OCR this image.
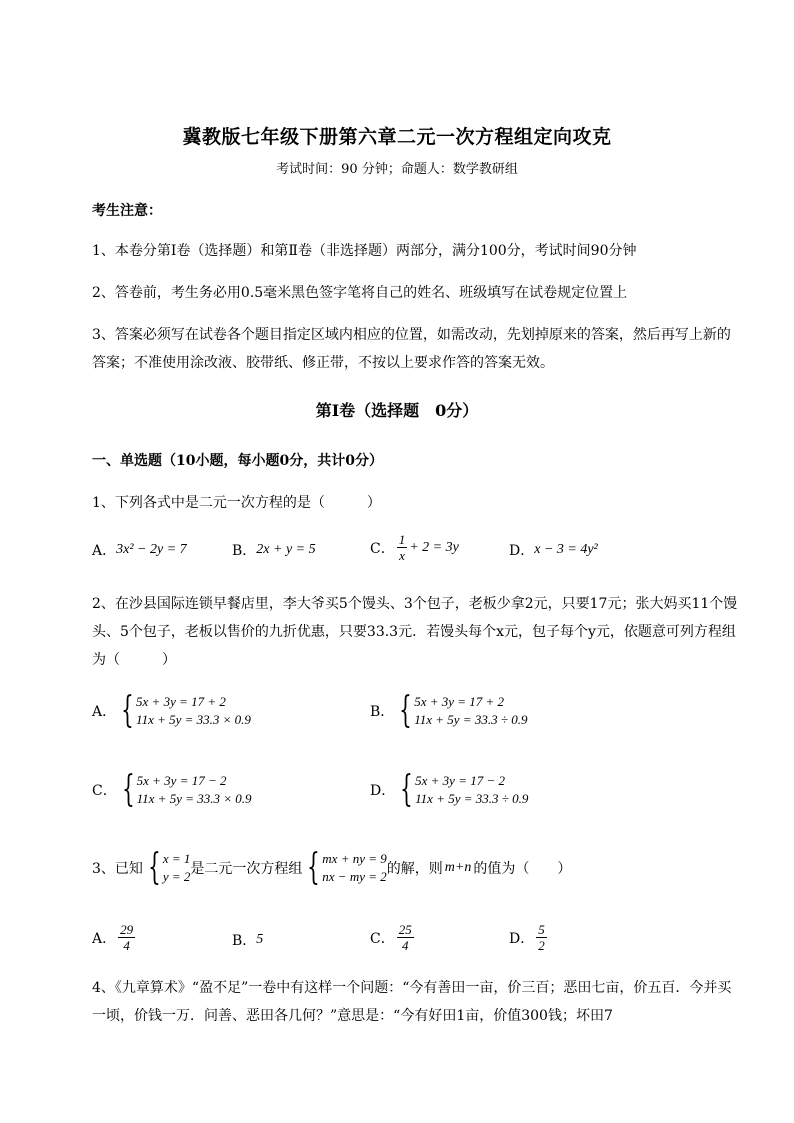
冀教版七年级下册第六章二元一次方程组定向攻克
考试时间：90 分钟；命题人：数学教研组
考生注意：
1、本卷分第Ⅰ卷（选择题）和第Ⅱ卷（非选择题）两部分，满分100分，考试时间90分钟
2、答卷前，考生务必用0.5毫米黑色签字笔将自己的姓名、班级填写在试卷规定位置上
3、答案必须写在试卷各个题目指定区域内相应的位置，如需改动，先划掉原来的答案，然后再写上新的答案；不准使用涂改液、胶带纸、修正带，不按以上要求作答的答案无效。
第Ⅰ卷（选择题　0分）
一、单选题（10小题，每小题0分，共计0分）
1、下列各式中是二元一次方程的是（　　　）
A． 3x² − 2y = 7	B． 2x + y = 5	C． $\frac{1}{x} + 2 = 3y$	D． x − 3 = 4y²
2、在沙县国际连锁早餐店里，李大爷买5个馒头、3个包子，老板少拿2元，只要17元；张大妈买11个馒头、5个包子，老板以售价的九折优惠，只要33.3元．若馒头每个x元，包子每个y元，依题意可列方程组为（　　　）
A． { 5x + 3y = 17 + 2
11x + 5y = 33.3 × 0.9	B． { 5x + 3y = 17 + 2
11x + 5y = 33.3 ÷ 0.9
C． { 5x + 3y = 17 − 2
11x + 5y = 33.3 × 0.9	D． { 5x + 3y = 17 − 2
11x + 5y = 33.3 ÷ 0.9
3、已知 { x = 1
y = 2 是二元一次方程组 { mx + ny = 9
nx − my = 2 的解，则 m+n 的值为（　　）
A． $\frac{29}{4}$	B． 5	C． $\frac{25}{4}$	D． $\frac{5}{2}$
4、《九章算术》“盈不足”一卷中有这样一个问题：“今有善田一亩，价三百；恶田七亩，价五百．今并买一顷，价钱一万．问善、恶田各几何？”意思是：“今有好田1亩，价值300钱；坏田7
